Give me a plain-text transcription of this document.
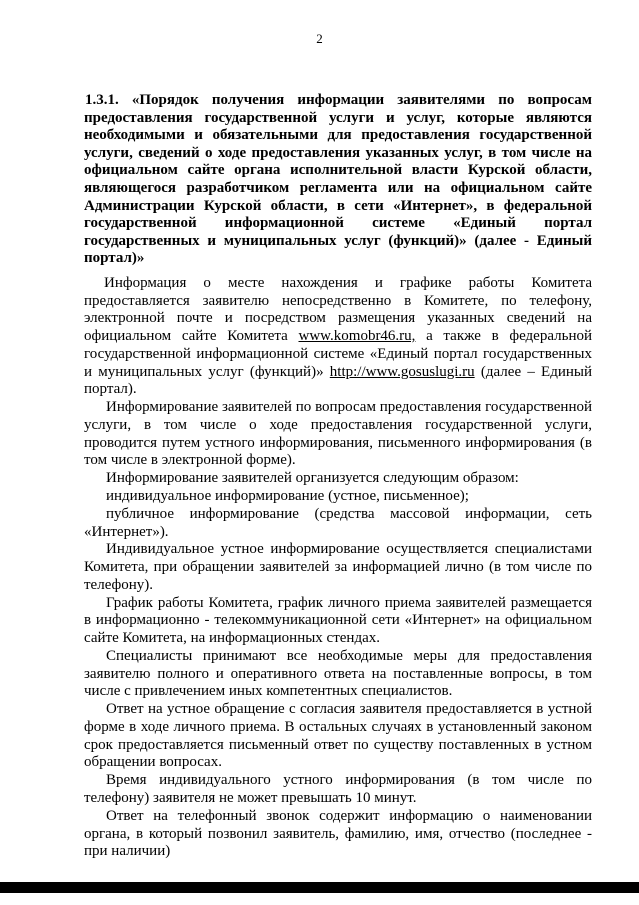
2

1.3.1. «Порядок получения информации заявителями по вопросам предоставления государственной услуги и услуг, которые являются необходимыми и обязательными для предоставления государственной услуги, сведений о ходе предоставления указанных услуг, в том числе на официальном сайте органа исполнительной власти Курской области, являющегося разработчиком регламента или на официальном сайте Администрации Курской области, в сети «Интернет», в федеральной государственной информационной системе «Единый портал государственных и муниципальных услуг (функций)» (далее - Единый портал)»

Информация о месте нахождения и графике работы Комитета предоставляется заявителю непосредственно в Комитете, по телефону, электронной почте и посредством размещения указанных сведений на официальном сайте Комитета www.komobr46.ru, а также в федеральной государственной информационной системе «Единый портал государственных и муниципальных услуг (функций)» http://www.gosuslugi.ru (далее – Единый портал).

Информирование заявителей по вопросам предоставления государственной услуги, в том числе о ходе предоставления государственной услуги, проводится путем устного информирования, письменного информирования (в том числе в электронной форме).

Информирование заявителей организуется следующим образом:

индивидуальное информирование (устное, письменное);

публичное информирование (средства массовой информации, сеть «Интернет»).

Индивидуальное устное информирование осуществляется специалистами Комитета, при обращении заявителей за информацией лично (в том числе по телефону).

График работы Комитета, график личного приема заявителей размещается в информационно - телекоммуникационной сети «Интернет» на официальном сайте Комитета, на информационных стендах.

Специалисты принимают все необходимые меры для предоставления заявителю полного и оперативного ответа на поставленные вопросы, в том числе с привлечением иных компетентных специалистов.

Ответ на устное обращение с согласия заявителя предоставляется в устной форме в ходе личного приема. В остальных случаях в установленный законом срок предоставляется письменный ответ по существу поставленных в устном обращении вопросах.

Время индивидуального устного информирования (в том числе по телефону) заявителя не может превышать 10 минут.

Ответ на телефонный звонок содержит информацию о наименовании органа, в который позвонил заявитель, фамилию, имя, отчество (последнее - при наличии)
